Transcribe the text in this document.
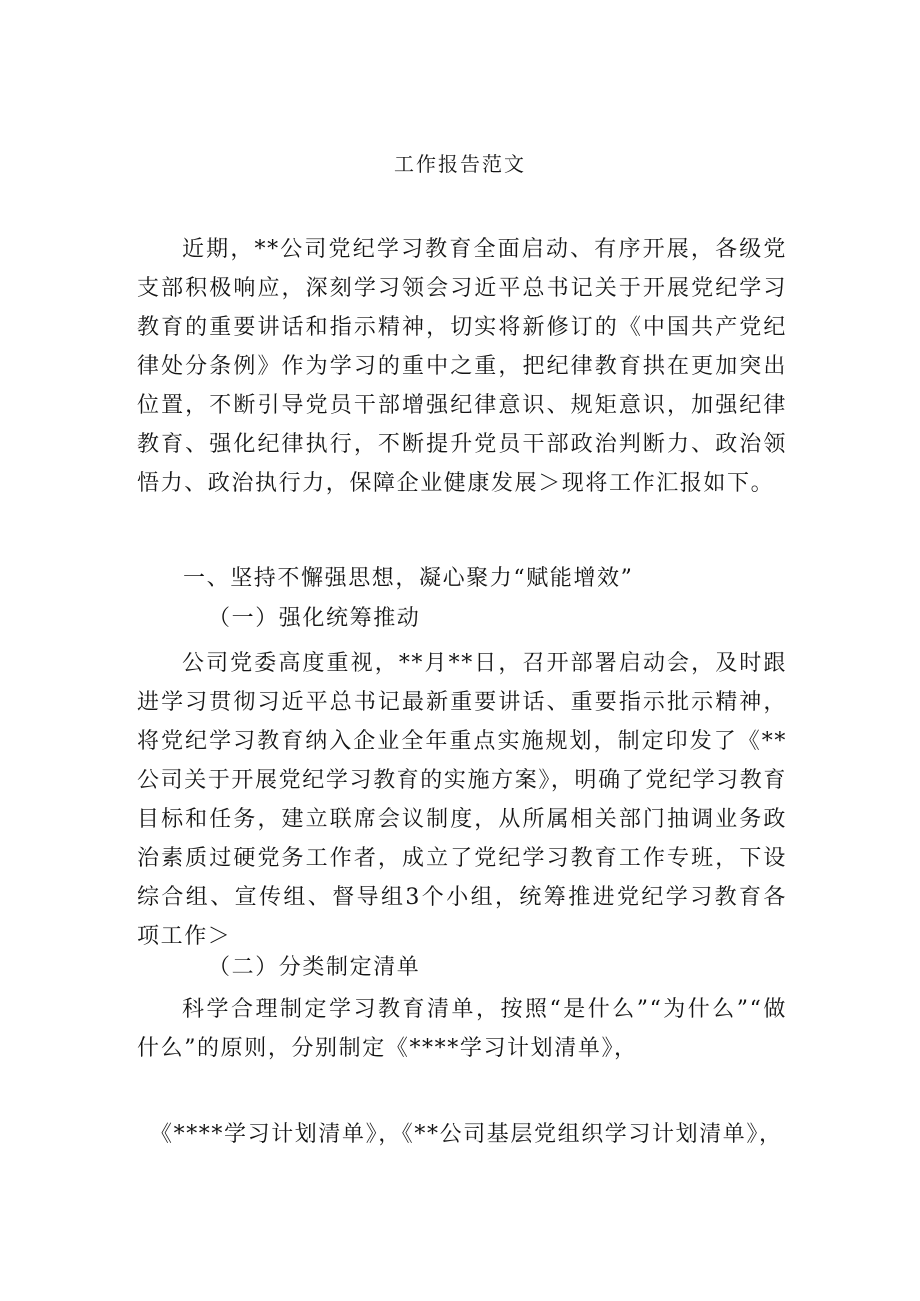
工作报告范文

近期，**公司党纪学习教育全面启动、有序开展，各级党支部积极响应，深刻学习领会习近平总书记关于开展党纪学习教育的重要讲话和指示精神，切实将新修订的《中国共产党纪律处分条例》作为学习的重中之重，把纪律教育拱在更加突出位置，不断引导党员干部增强纪律意识、规矩意识，加强纪律教育、强化纪律执行，不断提升党员干部政治判断力、政治领悟力、政治执行力，保障企业健康发展＞现将工作汇报如下。

一、坚持不懈强思想，凝心聚力“赋能增效”

（一）强化统筹推动

公司党委高度重视，**月**日，召开部署启动会，及时跟进学习贯彻习近平总书记最新重要讲话、重要指示批示精神，将党纪学习教育纳入企业全年重点实施规划，制定印发了《**公司关于开展党纪学习教育的实施方案》，明确了党纪学习教育目标和任务，建立联席会议制度，从所属相关部门抽调业务政治素质过硬党务工作者，成立了党纪学习教育工作专班，下设综合组、宣传组、督导组3个小组，统筹推进党纪学习教育各项工作＞

（二）分类制定清单

科学合理制定学习教育清单，按照“是什么”“为什么”“做什么”的原则，分别制定《****学习计划清单》，

《****学习计划清单》，《**公司基层党组织学习计划清单》，
